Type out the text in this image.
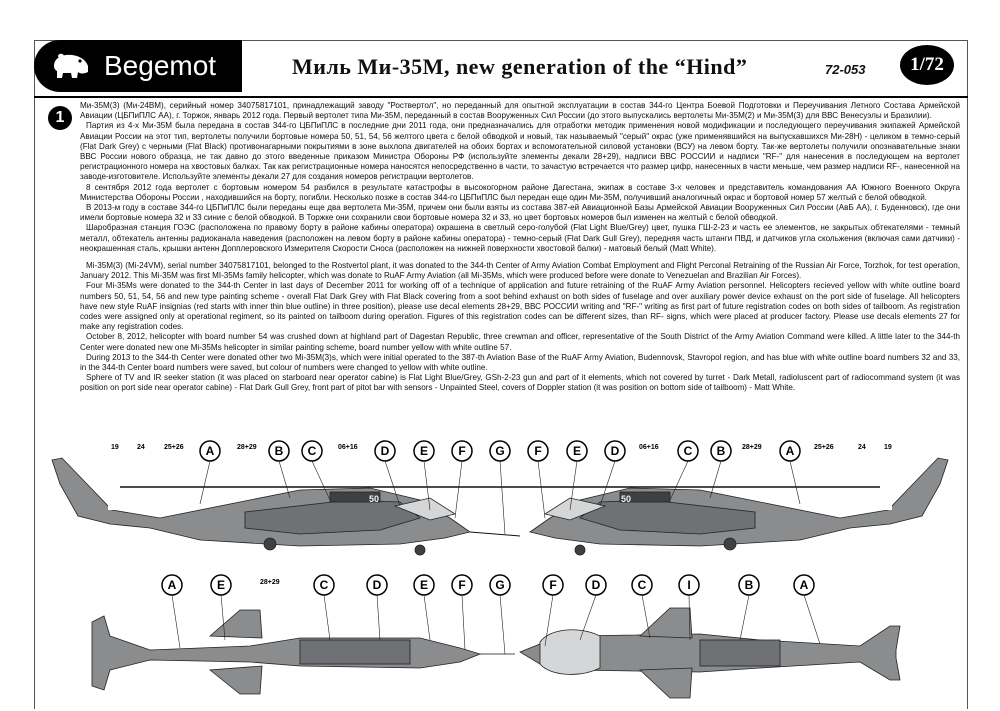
Begemot	Миль Ми-35М, new generation of the “Hind”	72-053	1/72
1

Ми-35М(3) (Ми-24ВМ), серийный номер 34075817101, принадлежащий заводу "Роствертол", но переданный для опытной эксплуатации в состав 344-го Центра Боевой Подготовки и Переучивания Летного Состава Армейской Авиации (ЦБПиПЛС АА), г. Торжок, январь 2012 года. Первый вертолет типа Ми-35М, переданный в состав Вооруженных Сил России (до этого выпускались вертолеты Ми-35М(2) и Ми-35М(3) для ВВС Венесуэлы и Бразилии).

Партия из 4-х Ми-35М была передана в состав 344-го ЦБПиПЛС в последние дни 2011 года, они предназначались для отработки методик применения новой модификации и последующего переучивания экипажей Армейской Авиации России на этот тип, вертолеты получили бортовые номера 50, 51, 54, 56 желтого цвета с белой обводкой и новый, так называемый "серый" окрас (уже применявшийся на выпускавшихся Ми-28Н) - целиком в темно-серый (Flat Dark Grey) с черными (Flat Black) противонагарными покрытиями в зоне выхлопа двигателей на обоих бортах и вспомогательной силовой установки (ВСУ) на левом борту. Так-же вертолеты получили опознавательные знаки ВВС России нового образца, не так давно до этого введенные приказом Министра Обороны РФ (используйте элементы декали 28+29), надписи ВВС РОССИИ и надписи "RF-" для нанесения в последующем на вертолет регистрационного номера на хвостовых балках. Так как регистрационные номера наносятся непосредственно в части, то зачастую встречается что размер цифр, нанесенных в части меньше, чем размер надписи RF-, нанесенной на заводе-изготовителе. Используйте элементы декали 27 для создания номеров регистрации вертолетов.

8 сентября 2012 года вертолет с бортовым номером 54 разбился в результате катастрофы в высокогорном районе Дагестана, экипаж в составе 3-х человек и представитель командования АА Южного Военного Округа Министерства Обороны России , находившийся на борту, погибли. Несколько позже в состав 344-го ЦБПиПЛС был передан еще один Ми-35М, получивший аналогичный окрас и бортовой номер 57 желтый с белой обводкой.

В 2013-м году в составе 344-го ЦБПиПЛС были переданы еще два вертолета Ми-35М, причем они были взяты из состава 387-ей Авиационной Базы Армейской Авиации Вооруженных Сил России (АвБ АА), г. Буденновск), где они имели бортовые номера 32 и 33 синие с белой обводкой. В Торжке они сохранили свои бортовые номера 32 и 33, но цвет бортовых номеров был изменен на желтый с белой обводкой.

Шаробразная станция ГОЭС (расположена по правому борту в районе кабины оператора) окрашена в светлый серо-голубой (Flat Light Blue/Grey) цвет, пушка ГШ-2-23 и часть ее элементов, не закрытых обтекателями - темный металл, обтекатель антенны радиоканала наведения (расположен на левом борту в районе кабины оператора) - темно-серый (Flat Dark Gull Grey), передняя часть штанги ПВД, и датчиков угла скольжения (включая сами датчики) - неокрашенная сталь, крышки антенн Допплеровского Измерителя Скорости Сноса (расположен на нижней поверхности хвостовой балки) - матовый белый (Matt White).

Mi-35M(3) (Mi-24VM), serial number 34075817101, belonged to the Rostvertol plant, it was donated to the 344-th Center of Army Aviation Combat Employment and Flight Perconal Retraining of the Russian Air Force, Torzhok, for test operation, January 2012. This Mi-35M was first MI-35Ms family helicopter, which was donate to RuAF Army Aviation (all Mi-35Ms, which were produced before were donate to Venezuelan and Brazilian Air Forces).

Four Mi-35Ms were donated to the 344-th Center in last days of December 2011 for working off of a technique of application and future retraining of the RuAF Army Aviation personnel. Helicopters recieved yellow with white outline board numbers 50, 51, 54, 56 and new type painting scheme - overall Flat Dark Grey with Flat Black covering from a soot behind exhaust on both sides of fuselage and over auxiliary power device exhaust on the port side of fuselage. All helicopters have new style RuAF insignias (red starts with inner thin blue outline) in three position), please use decal elements 28+29, ВВС РОССИИ writing and "RF-" writing as first part of future registration codes on both sides of tailboom. As registration codes were assigned only at operational regiment, so its painted on tailboom during operation. Figures of this registration codes can be different sizes, than RF- signs, which were placed at producer factory. Please use decals elements 27 for make any registration codes.

October 8, 2012, helicopter with board number 54 was crushed down at highland part of Dagestan Republic, three crewman and officer, representative of the South District of the Army Aviation Command were killed. A little later to the 344-th Center were donated new one Mi-35Ms helicopter in similar painting scheme, board number yellow with white outline 57.

During 2013 to the 344-th Center were donated other two Mi-35M(3)s, which were initial operated to the 387-th Aviation Base of the RuAF Army Aviation, Budennovsk, Stavropol region, and has blue with white outline board numbers 32 and 33, in the 344-th Center board numbers were saved, but colour of numbers were changed to yellow with white outline.

Sphere of TV and IR seeker station (it was placed on starboard near operator cabine) is Flat Light Blue/Grey, GSh-2-23 gun and part of it elements, which not covered by turret - Dark Metall, radioluscent part of radiocommand system (it was position on port side near operator cabine) - Flat Dark Gull Grey, front part of pitot bar with sensors - Unpainted Steel, covers of Doppler station (it was position on bottom side of tailboom) - Matt White.

50
ВВС РОССИИ
RF-	50
ВВС РОССИИ
RF-
19	24	25+26	28+29	06+16	06+16	28+29	25+26	24	19
28+29
A	B C	D	E	F G F	E D	C B	A
A	E	C	D	E	F G	F	D	C	I	B	A
